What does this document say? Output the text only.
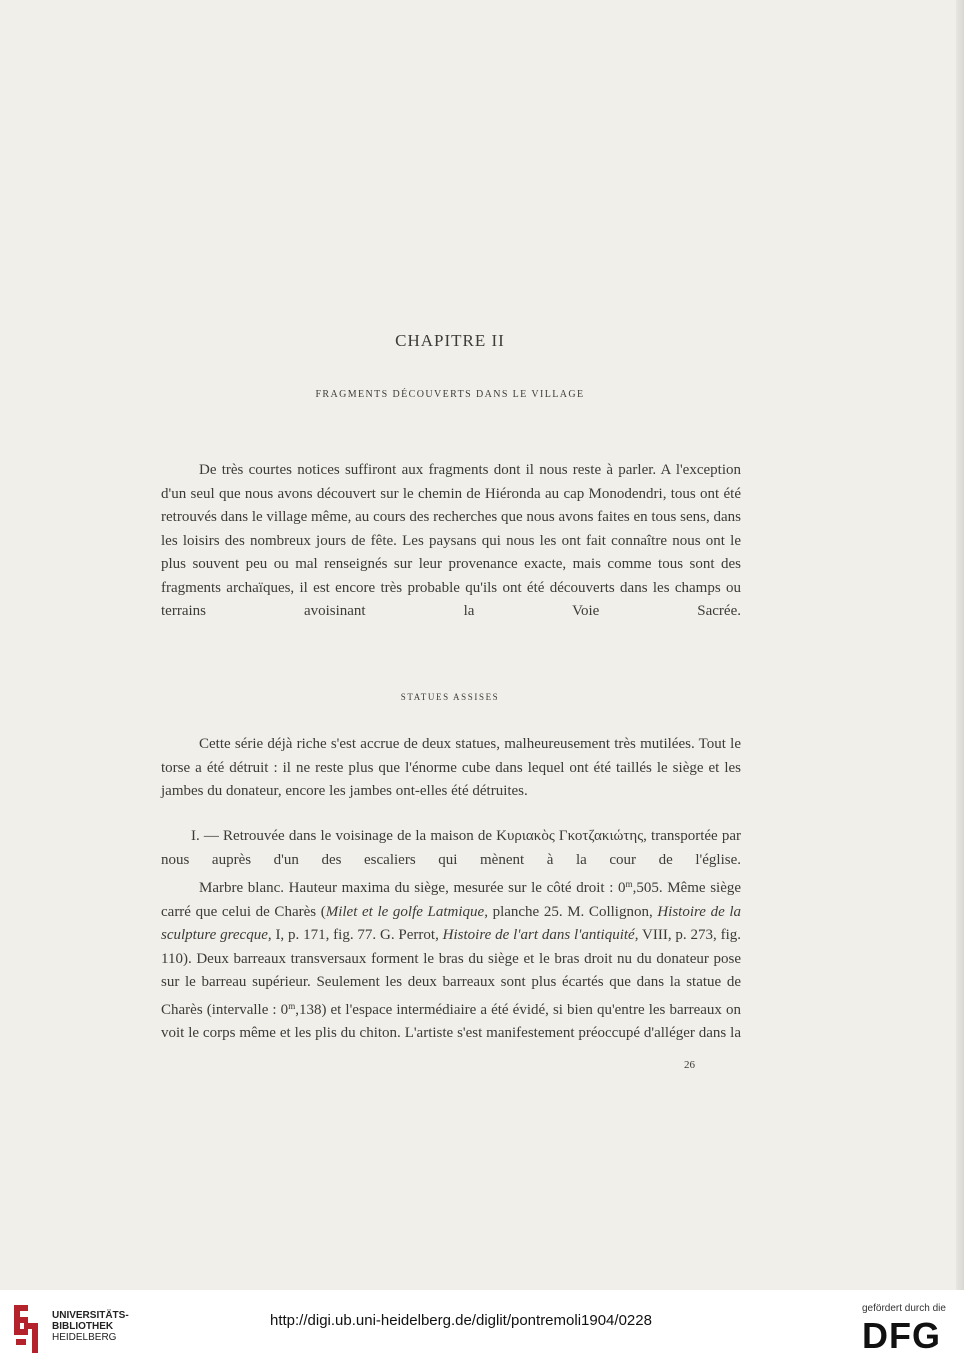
CHAPITRE II
FRAGMENTS DÉCOUVERTS DANS LE VILLAGE
De très courtes notices suffiront aux fragments dont il nous reste à parler. A l'exception d'un seul que nous avons découvert sur le chemin de Hiéronda au cap Monodendri, tous ont été retrouvés dans le village même, au cours des recherches que nous avons faites en tous sens, dans les loisirs des nombreux jours de fête. Les paysans qui nous les ont fait connaître nous ont le plus souvent peu ou mal renseignés sur leur provenance exacte, mais comme tous sont des fragments archaïques, il est encore très probable qu'ils ont été découverts dans les champs ou terrains avoisinant la Voie Sacrée.
STATUES ASSISES
Cette série déjà riche s'est accrue de deux statues, malheureusement très mutilées. Tout le torse a été détruit : il ne reste plus que l'énorme cube dans lequel ont été taillés le siège et les jambes du donateur, encore les jambes ont-elles été détruites.
I. — Retrouvée dans le voisinage de la maison de Κυριακὸς Γκοτζακιώτης, transportée par nous auprès d'un des escaliers qui mènent à la cour de l'église.
Marbre blanc. Hauteur maxima du siège, mesurée sur le côté droit : 0$^m$,505. Même siège carré que celui de Charès (Milet et le golfe Latmique, planche 25. M. Collignon, Histoire de la sculpture grecque, I, p. 171, fig. 77. G. Perrot, Histoire de l'art dans l'antiquité, VIII, p. 273, fig. 110). Deux barreaux transversaux forment le bras du siège et le bras droit nu du donateur pose sur le barreau supérieur. Seulement les deux barreaux sont plus écartés que dans la statue de Charès (intervalle : 0$^m$,138) et l'espace intermédiaire a été évidé, si bien qu'entre les barreaux on voit le corps même et les plis du chiton. L'artiste s'est manifestement préoccupé d'alléger dans la
26
UNIVERSITÄTS-
BIBLIOTHEK
HEIDELBERG
http://digi.ub.uni-heidelberg.de/diglit/pontremoli1904/0228
gefördert durch die
DFG
